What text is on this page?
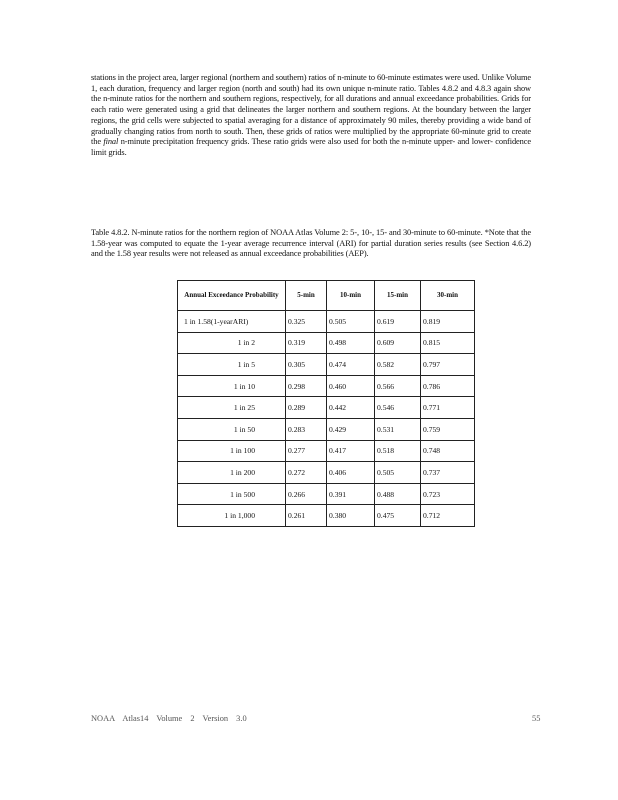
stations in the project area, larger regional (northern and southern) ratios of n-minute to 60-minute estimates were used. Unlike Volume 1, each duration, frequency and larger region (north and south) had its own unique n-minute ratio. Tables 4.8.2 and 4.8.3 again show the n-minute ratios for the northern and southern regions, respectively, for all durations and annual exceedance probabilities. Grids for each ratio were generated using a grid that delineates the larger northern and southern regions. At the boundary between the larger regions, the grid cells were subjected to spatial averaging for a distance of approximately 90 miles, thereby providing a wide band of gradually changing ratios from north to south. Then, these grids of ratios were multiplied by the appropriate 60-minute grid to create the final n-minute precipitation frequency grids. These ratio grids were also used for both the n-minute upper- and lower- confidence limit grids.

Table 4.8.2. N-minute ratios for the northern region of NOAA Atlas Volume 2: 5-, 10-, 15- and 30-minute to 60-minute. *Note that the 1.58-year was computed to equate the 1-year average recurrence interval (ARI) for partial duration series results (see Section 4.6.2) and the 1.58 year results were not released as annual exceedance probabilities (AEP).

Annual Exceedance Probability	5-min	10-min	15-min	30-min
1 in 1.58(1-yearARI)	0.325	0.505	0.619	0.819
1 in 2	0.319	0.498	0.609	0.815
1 in 5	0.305	0.474	0.582	0.797
1 in 10	0.298	0.460	0.566	0.786
1 in 25	0.289	0.442	0.546	0.771
1 in 50	0.283	0.429	0.531	0.759
1 in 100	0.277	0.417	0.518	0.748
1 in 200	0.272	0.406	0.505	0.737
1 in 500	0.266	0.391	0.488	0.723
1 in 1,000	0.261	0.380	0.475	0.712
NOAA Atlas14 Volume 2 Version 3.0	55
